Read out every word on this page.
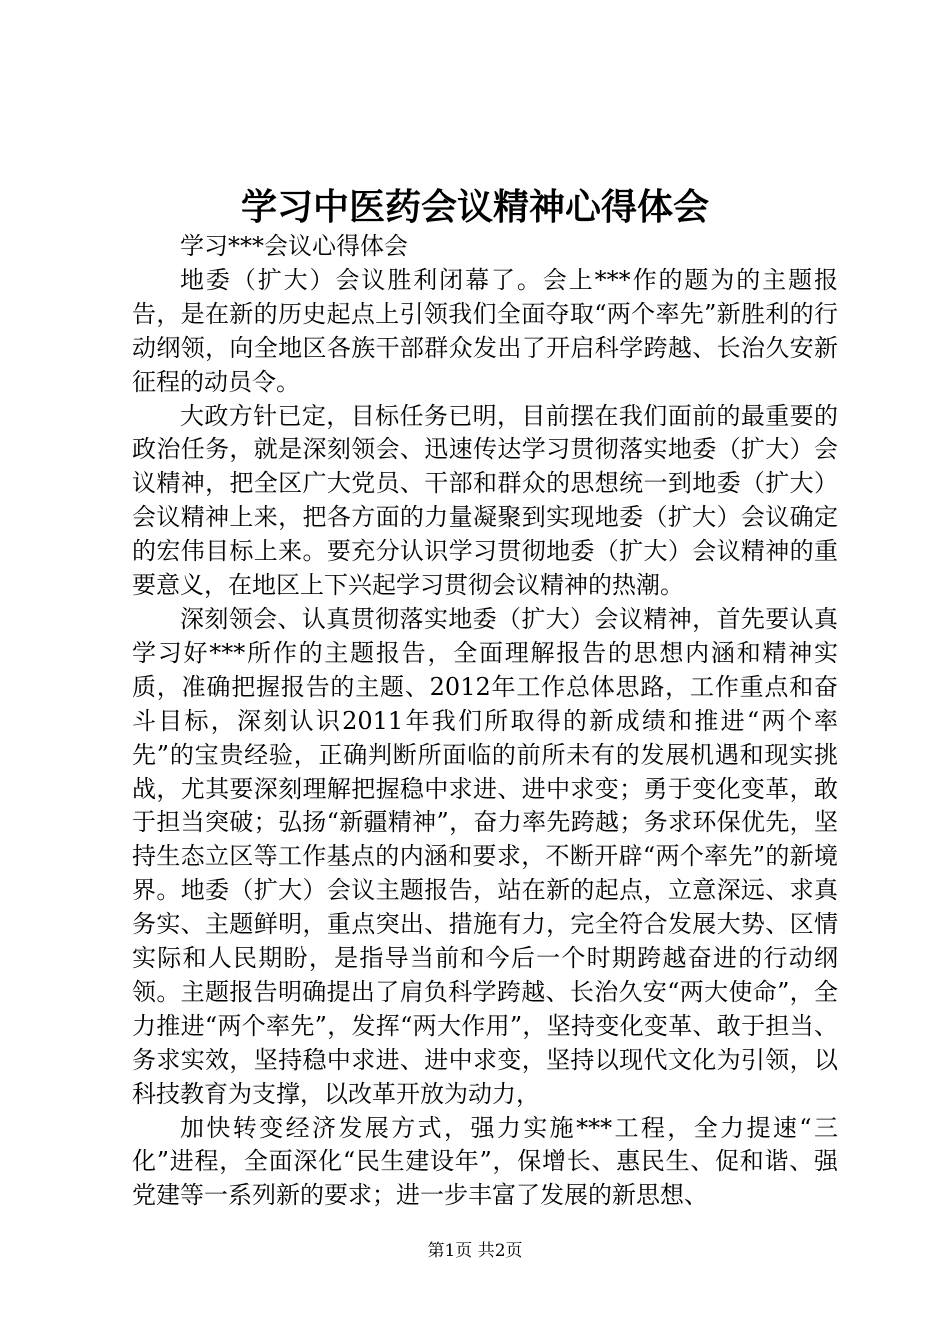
学习中医药会议精神心得体会

学习***会议心得体会

地委（扩大）会议胜利闭幕了。会上***作的题为的主题报告，是在新的历史起点上引领我们全面夺取“两个率先”新胜利的行动纲领，向全地区各族干部群众发出了开启科学跨越、长治久安新征程的动员令。

大政方针已定，目标任务已明，目前摆在我们面前的最重要的政治任务，就是深刻领会、迅速传达学习贯彻落实地委（扩大）会议精神，把全区广大党员、干部和群众的思想统一到地委（扩大）会议精神上来，把各方面的力量凝聚到实现地委（扩大）会议确定的宏伟目标上来。要充分认识学习贯彻地委（扩大）会议精神的重要意义，在地区上下兴起学习贯彻会议精神的热潮。

深刻领会、认真贯彻落实地委（扩大）会议精神，首先要认真学习好***所作的主题报告，全面理解报告的思想内涵和精神实质，准确把握报告的主题、2012年工作总体思路，工作重点和奋斗目标，深刻认识2011年我们所取得的新成绩和推进“两个率先”的宝贵经验，正确判断所面临的前所未有的发展机遇和现实挑战，尤其要深刻理解把握稳中求进、进中求变；勇于变化变革，敢于担当突破；弘扬“新疆精神”，奋力率先跨越；务求环保优先，坚持生态立区等工作基点的内涵和要求，不断开辟“两个率先”的新境界。地委（扩大）会议主题报告，站在新的起点，立意深远、求真务实、主题鲜明，重点突出、措施有力，完全符合发展大势、区情实际和人民期盼，是指导当前和今后一个时期跨越奋进的行动纲领。主题报告明确提出了肩负科学跨越、长治久安“两大使命”，全力推进“两个率先”，发挥“两大作用”，坚持变化变革、敢于担当、务求实效，坚持稳中求进、进中求变，坚持以现代文化为引领，以科技教育为支撑，以改革开放为动力，

加快转变经济发展方式，强力实施***工程，全力提速“三化”进程，全面深化“民生建设年”，保增长、惠民生、促和谐、强党建等一系列新的要求；进一步丰富了发展的新思想、

第1页 共2页
